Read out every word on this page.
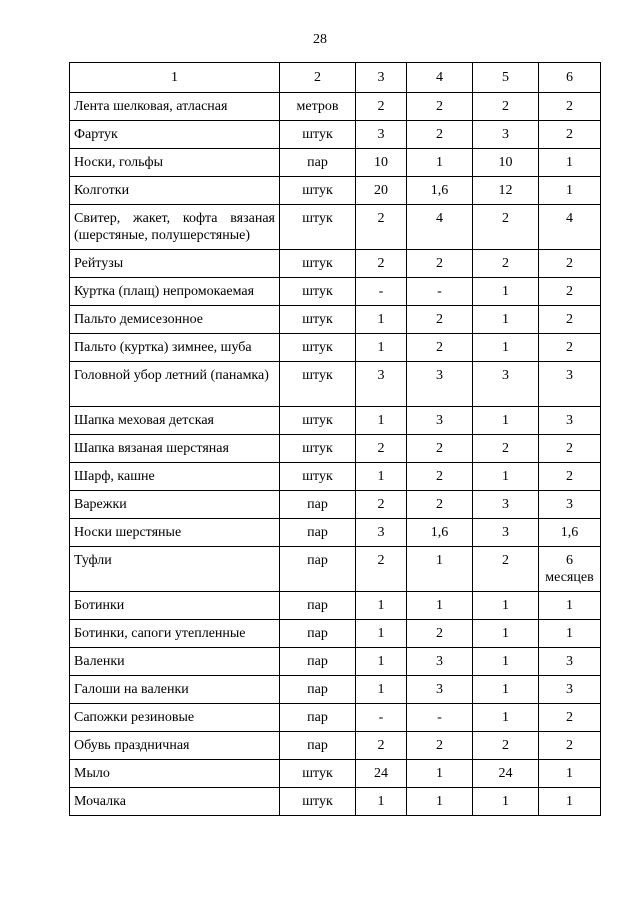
28
1	2	3	4	5	6
Лента шелковая, атласная	метров	2	2	2	2
Фартук	штук	3	2	3	2
Носки, гольфы	пар	10	1	10	1
Колготки	штук	20	1,6	12	1
Свитер, жакет, кофта вязаная (шерстяные, полушерстяные)	штук	2	4	2	4
Рейтузы	штук	2	2	2	2
Куртка (плащ) непромокаемая	штук	-	-	1	2
Пальто демисезонное	штук	1	2	1	2
Пальто (куртка) зимнее, шуба	штук	1	2	1	2
Головной убор летний (панамка)	штук	3	3	3	3
Шапка меховая детская	штук	1	3	1	3
Шапка вязаная шерстяная	штук	2	2	2	2
Шарф, кашне	штук	1	2	1	2
Варежки	пар	2	2	3	3
Носки шерстяные	пар	3	1,6	3	1,6
Туфли	пар	2	1	2	6 месяцев
Ботинки	пар	1	1	1	1
Ботинки, сапоги утепленные	пар	1	2	1	1
Валенки	пар	1	3	1	3
Галоши на валенки	пар	1	3	1	3
Сапожки резиновые	пар	-	-	1	2
Обувь праздничная	пар	2	2	2	2
Мыло	штук	24	1	24	1
Мочалка	штук	1	1	1	1
